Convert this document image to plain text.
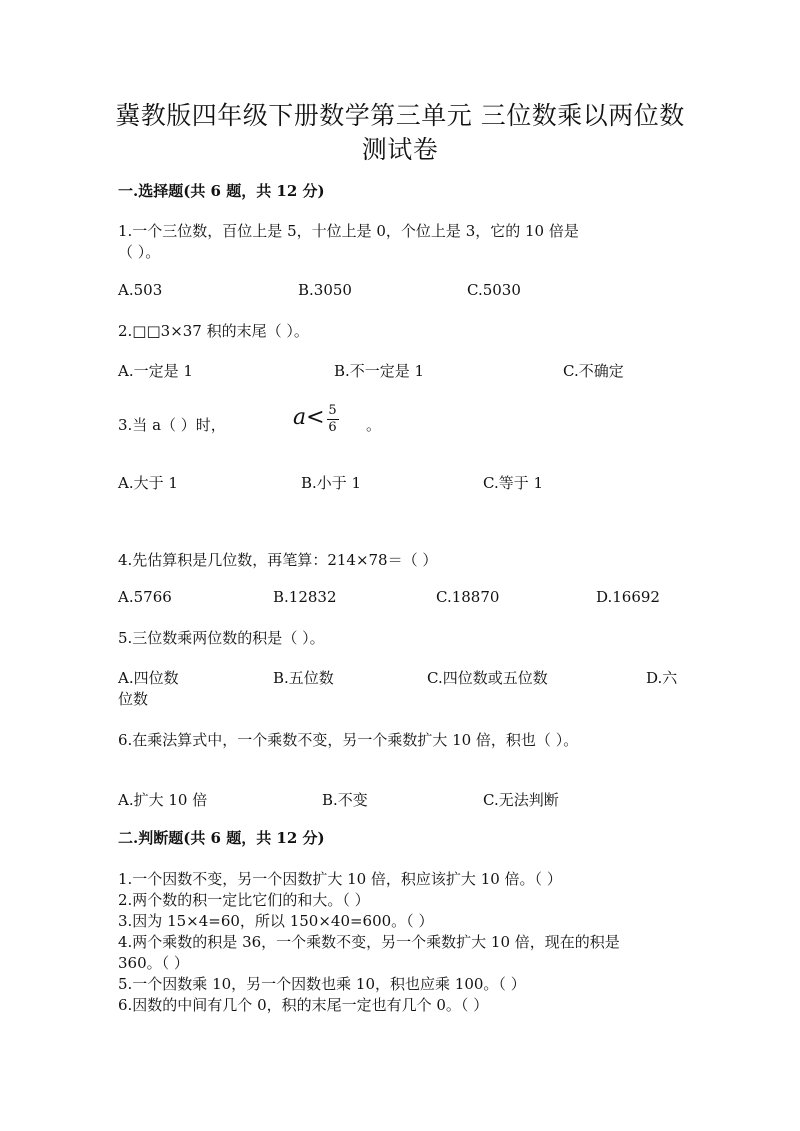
冀教版四年级下册数学第三单元 三位数乘以两位数
测试卷
一.选择题(共 6 题，共 12 分)
1.一个三位数，百位上是 5，十位上是 0，个位上是 3，它的 10 倍是
（ ）。
A.503	B.3050	C.5030
2.□□3×37 积的末尾（ ）。
A.一定是 1	B.不一定是 1	C.不确定
3.当 a（ ）时，	$a< \frac{5}{6}$ 。
A.大于 1	B.小于 1	C.等于 1
4.先估算积是几位数，再笔算：214×78＝（ ）
A.5766	B.12832	C.18870	D.16692
5.三位数乘两位数的积是（ ）。
A.四位数	B.五位数	C.四位数或五位数	D.六
位数
6.在乘法算式中，一个乘数不变，另一个乘数扩大 10 倍，积也（ ）。
A.扩大 10 倍	B.不变	C.无法判断
二.判断题(共 6 题，共 12 分)
1.一个因数不变，另一个因数扩大 10 倍，积应该扩大 10 倍。（ ）
2.两个数的积一定比它们的和大。（ ）
3.因为 15×4=60，所以 150×40=600。（ ）
4.两个乘数的积是 36，一个乘数不变，另一个乘数扩大 10 倍，现在的积是
360。（ ）
5.一个因数乘 10，另一个因数也乘 10，积也应乘 100。（ ）
6.因数的中间有几个 0，积的末尾一定也有几个 0。（ ）
